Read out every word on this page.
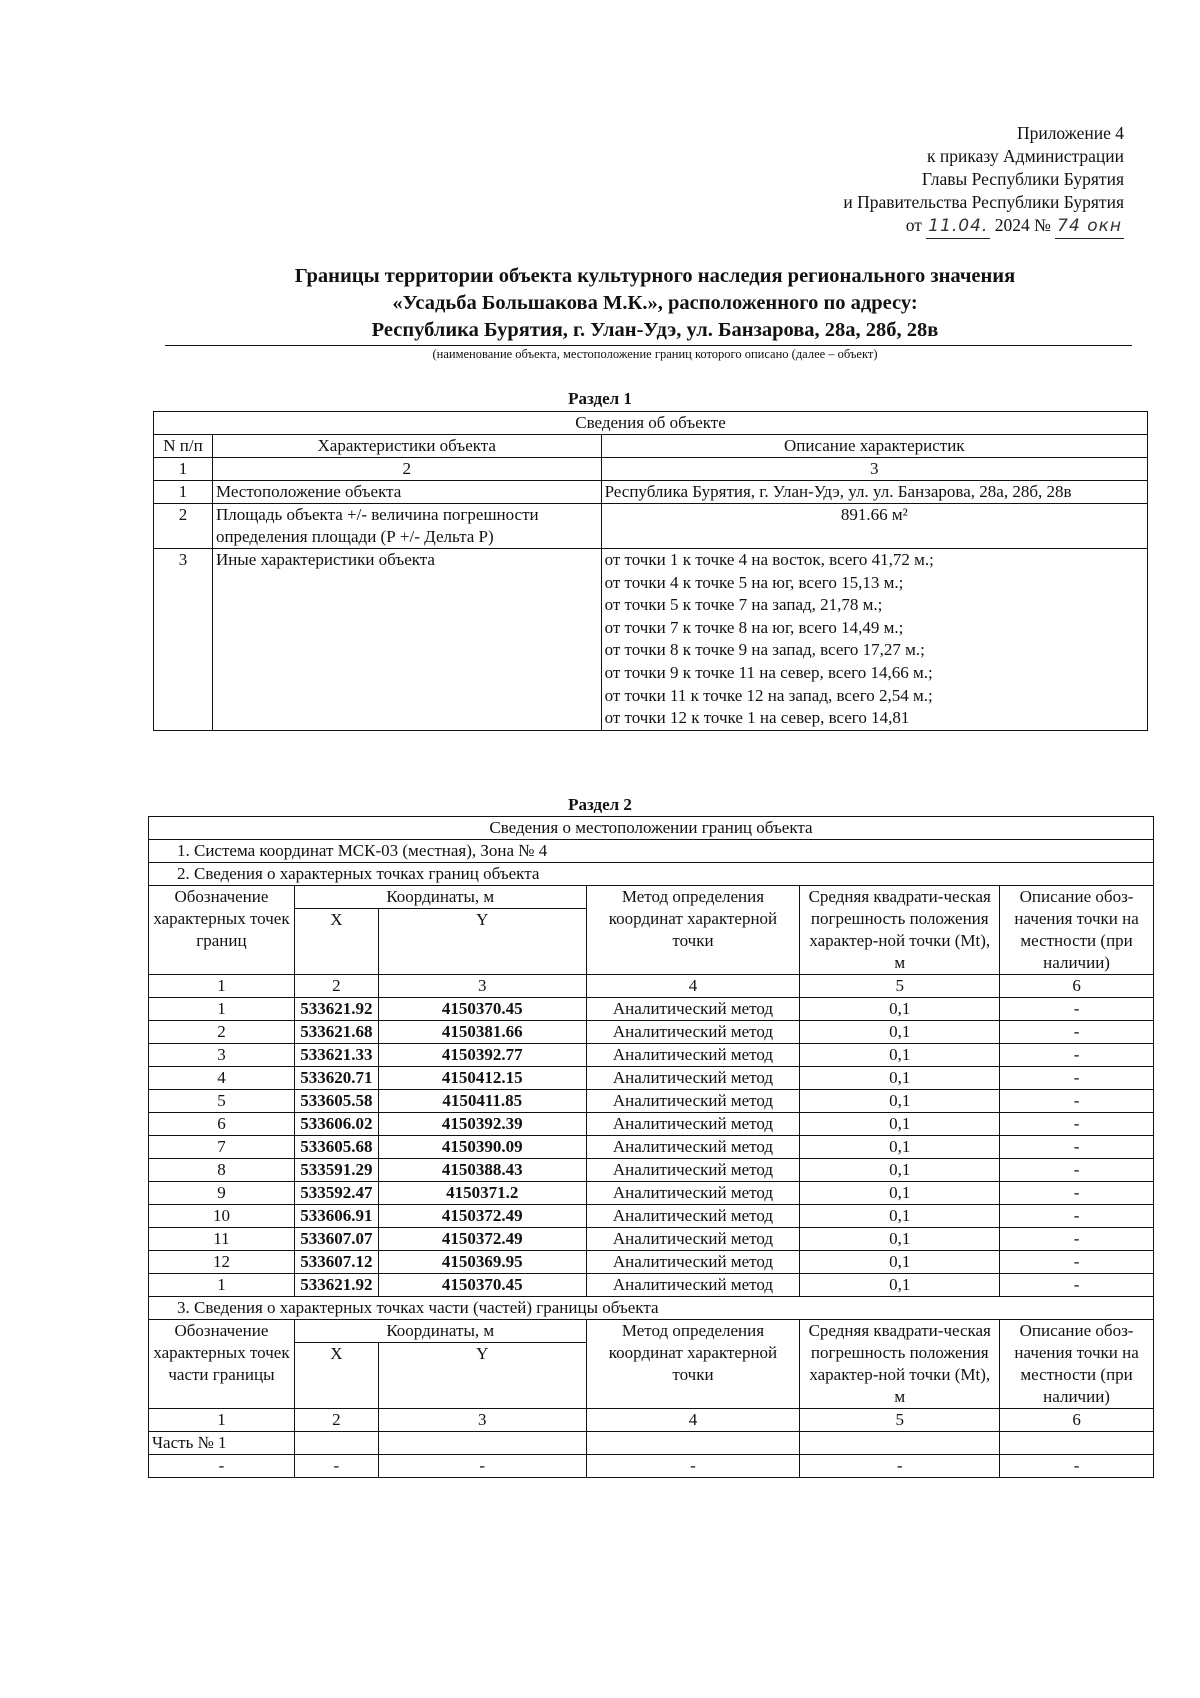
Приложение 4
к приказу Администрации
Главы Республики Бурятия
и Правительства Республики Бурятия
от 11.04. 2024 № 74 окн
Границы территории объекта культурного наследия регионального значения
«Усадьба Большакова М.К.», расположенного по адресу:
Республика Бурятия, г. Улан-Удэ, ул. Банзарова, 28а, 28б, 28в
(наименование объекта, местоположение границ которого описано (далее – объект)
Раздел 1
Сведения об объекте		
N п/п	Характеристики объекта	Описание характеристик
1	2	3
1	Местоположение объекта	Республика Бурятия, г. Улан-Удэ, ул. ул. Банзарова, 28а, 28б, 28в
2	Площадь объекта +/- величина погрешности определения площади (Р +/- Дельта Р)	891.66 м²
3	Иные характеристики объекта	от точки 1 к точке 4 на восток, всего 41,72 м.;
от точки 4 к точке 5 на юг, всего 15,13 м.;
от точки 5 к точке 7 на запад, 21,78 м.;
от точки 7 к точке 8 на юг, всего 14,49 м.;
от точки 8 к точке 9 на запад, всего 17,27 м.;
от точки 9 к точке 11 на север, всего 14,66 м.;
от точки 11 к точке 12 на запад, всего 2,54 м.;
от точки 12 к точке 1 на север, всего 14,81
Раздел 2
Сведения о местоположении границ объекта					
1. Система координат МСК-03 (местная), Зона № 4					
2. Сведения о характерных точках границ объекта					
Обозначение характерных точек границ	Координаты, м		Метод определения координат характерной точки	Средняя квадрати-ческая погрешность положения характер-ной точки (Mt), м	Описание обоз-начения точки на местности (при наличии)
	X	Y			
1	2	3	4	5	6
1	533621.92	4150370.45	Аналитический метод	0,1	-
2	533621.68	4150381.66	Аналитический метод	0,1	-
3	533621.33	4150392.77	Аналитический метод	0,1	-
4	533620.71	4150412.15	Аналитический метод	0,1	-
5	533605.58	4150411.85	Аналитический метод	0,1	-
6	533606.02	4150392.39	Аналитический метод	0,1	-
7	533605.68	4150390.09	Аналитический метод	0,1	-
8	533591.29	4150388.43	Аналитический метод	0,1	-
9	533592.47	4150371.2	Аналитический метод	0,1	-
10	533606.91	4150372.49	Аналитический метод	0,1	-
11	533607.07	4150372.49	Аналитический метод	0,1	-
12	533607.12	4150369.95	Аналитический метод	0,1	-
1	533621.92	4150370.45	Аналитический метод	0,1	-
3. Сведения о характерных точках части (частей) границы объекта					
Обозначение характерных точек части границы	Координаты, м		Метод определения координат характерной точки	Средняя квадрати-ческая погрешность положения характер-ной точки (Mt), м	Описание обоз-начения точки на местности (при наличии)
	X	Y			
1	2	3	4	5	6
Часть № 1					
-	-	-	-	-	-
